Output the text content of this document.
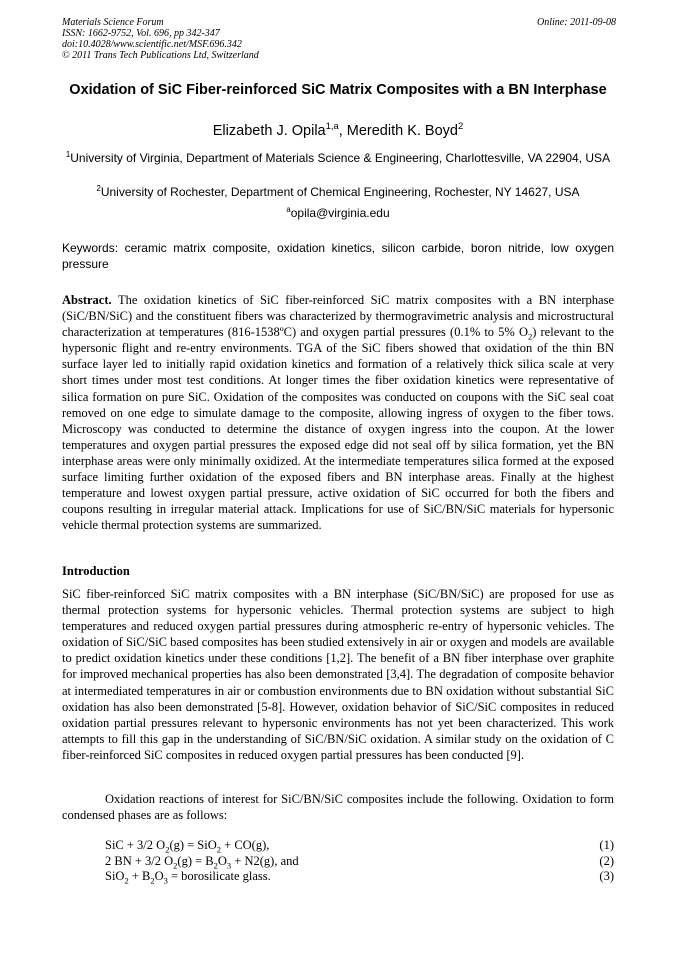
Materials Science Forum
ISSN: 1662-9752, Vol. 696, pp 342-347
doi:10.4028/www.scientific.net/MSF.696.342
© 2011 Trans Tech Publications Ltd, Switzerland
Online: 2011-09-08
Oxidation of SiC Fiber-reinforced SiC Matrix Composites with a BN Interphase
Elizabeth J. Opila$^{1,a}$, Meredith K. Boyd$^2$
$^1$University of Virginia, Department of Materials Science & Engineering, Charlottesville, VA 22904, USA
$^2$University of Rochester, Department of Chemical Engineering, Rochester, NY 14627, USA
$^a$opila@virginia.edu
Keywords: ceramic matrix composite, oxidation kinetics, silicon carbide, boron nitride, low oxygen pressure
Abstract. The oxidation kinetics of SiC fiber-reinforced SiC matrix composites with a BN interphase (SiC/BN/SiC) and the constituent fibers was characterized by thermogravimetric analysis and microstructural characterization at temperatures (816-1538ºC) and oxygen partial pressures (0.1% to 5% $O_2$) relevant to the hypersonic flight and re-entry environments. TGA of the SiC fibers showed that oxidation of the thin BN surface layer led to initially rapid oxidation kinetics and formation of a relatively thick silica scale at very short times under most test conditions. At longer times the fiber oxidation kinetics were representative of silica formation on pure SiC. Oxidation of the composites was conducted on coupons with the SiC seal coat removed on one edge to simulate damage to the composite, allowing ingress of oxygen to the fiber tows. Microscopy was conducted to determine the distance of oxygen ingress into the coupon. At the lower temperatures and oxygen partial pressures the exposed edge did not seal off by silica formation, yet the BN interphase areas were only minimally oxidized. At the intermediate temperatures silica formed at the exposed surface limiting further oxidation of the exposed fibers and BN interphase areas. Finally at the highest temperature and lowest oxygen partial pressure, active oxidation of SiC occurred for both the fibers and coupons resulting in irregular material attack. Implications for use of SiC/BN/SiC materials for hypersonic vehicle thermal protection systems are summarized.
Introduction
SiC fiber-reinforced SiC matrix composites with a BN interphase (SiC/BN/SiC) are proposed for use as thermal protection systems for hypersonic vehicles. Thermal protection systems are subject to high temperatures and reduced oxygen partial pressures during atmospheric re-entry of hypersonic vehicles. The oxidation of SiC/SiC based composites has been studied extensively in air or oxygen and models are available to predict oxidation kinetics under these conditions [1,2]. The benefit of a BN fiber interphase over graphite for improved mechanical properties has also been demonstrated [3,4]. The degradation of composite behavior at intermediated temperatures in air or combustion environments due to BN oxidation without substantial SiC oxidation has also been demonstrated [5-8]. However, oxidation behavior of SiC/SiC composites in reduced oxidation partial pressures relevant to hypersonic environments has not yet been characterized. This work attempts to fill this gap in the understanding of SiC/BN/SiC oxidation. A similar study on the oxidation of C fiber-reinforced SiC composites in reduced oxygen partial pressures has been conducted [9].
Oxidation reactions of interest for SiC/BN/SiC composites include the following. Oxidation to form condensed phases are as follows:
SiC + 3/2 $O_2(g) = SiO_2 + CO(g)$,	(1)
2 BN + 3/2 $O_2(g) = B_2O_3 + N2(g)$, and	(2)
$SiO_2 + B_2O_3$ = borosilicate glass.	(3)
